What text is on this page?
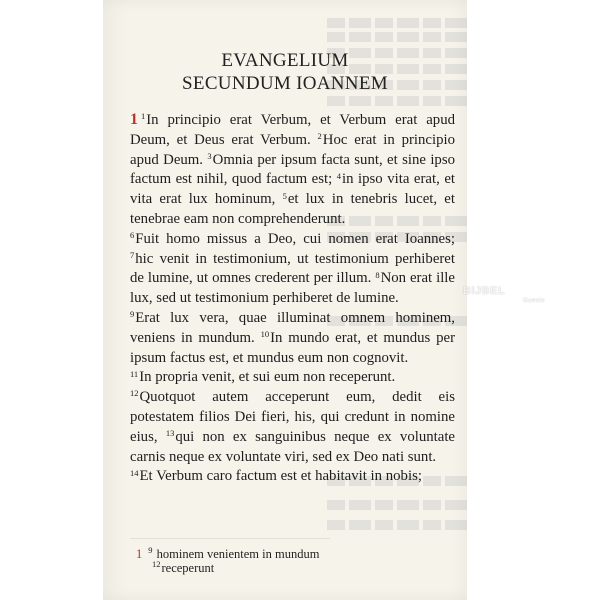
EVANGELIUM
SECUNDUM IOANNEM

1 $^1$In principio erat Verbum, et Verbum erat apud Deum, et Deus erat Verbum. $^2$Hoc erat in principio apud Deum. $^3$Omnia per ipsum facta sunt, et sine ipso factum est nihil, quod factum est; $^4$in ipso vita erat, et vita erat lux hominum, $^5$et lux in tenebris lucet, et tenebrae eam non comprehenderunt.

$^6$Fuit homo missus a Deo, cui nomen erat Ioannes; $^7$hic venit in testimonium, ut testimonium perhiberet de lumine, ut omnes crederent per illum. $^8$Non erat ille lux, sed ut testimonium perhiberet de lumine.

$^9$Erat lux vera, quae illuminat omnem hominem, veniens in mundum. $^{10}$In mundo erat, et mundus per ipsum factus est, et mundus eum non cognovit.

$^{11}$In propria venit, et sui eum non receperunt.

$^{12}$Quotquot autem acceperunt eum, dedit eis potestatem filios Dei fieri, his, qui credunt in nomine eius, $^{13}$qui non ex sanguinibus neque ex voluntate carnis neque ex voluntate viri, sed ex Deo nati sunt.

$^{14}$Et Verbum caro factum est et habitavit in nobis;

1 $^9$ hominem venientem in mundum
$^{12}$receperunt
BIJBEL
Guests
